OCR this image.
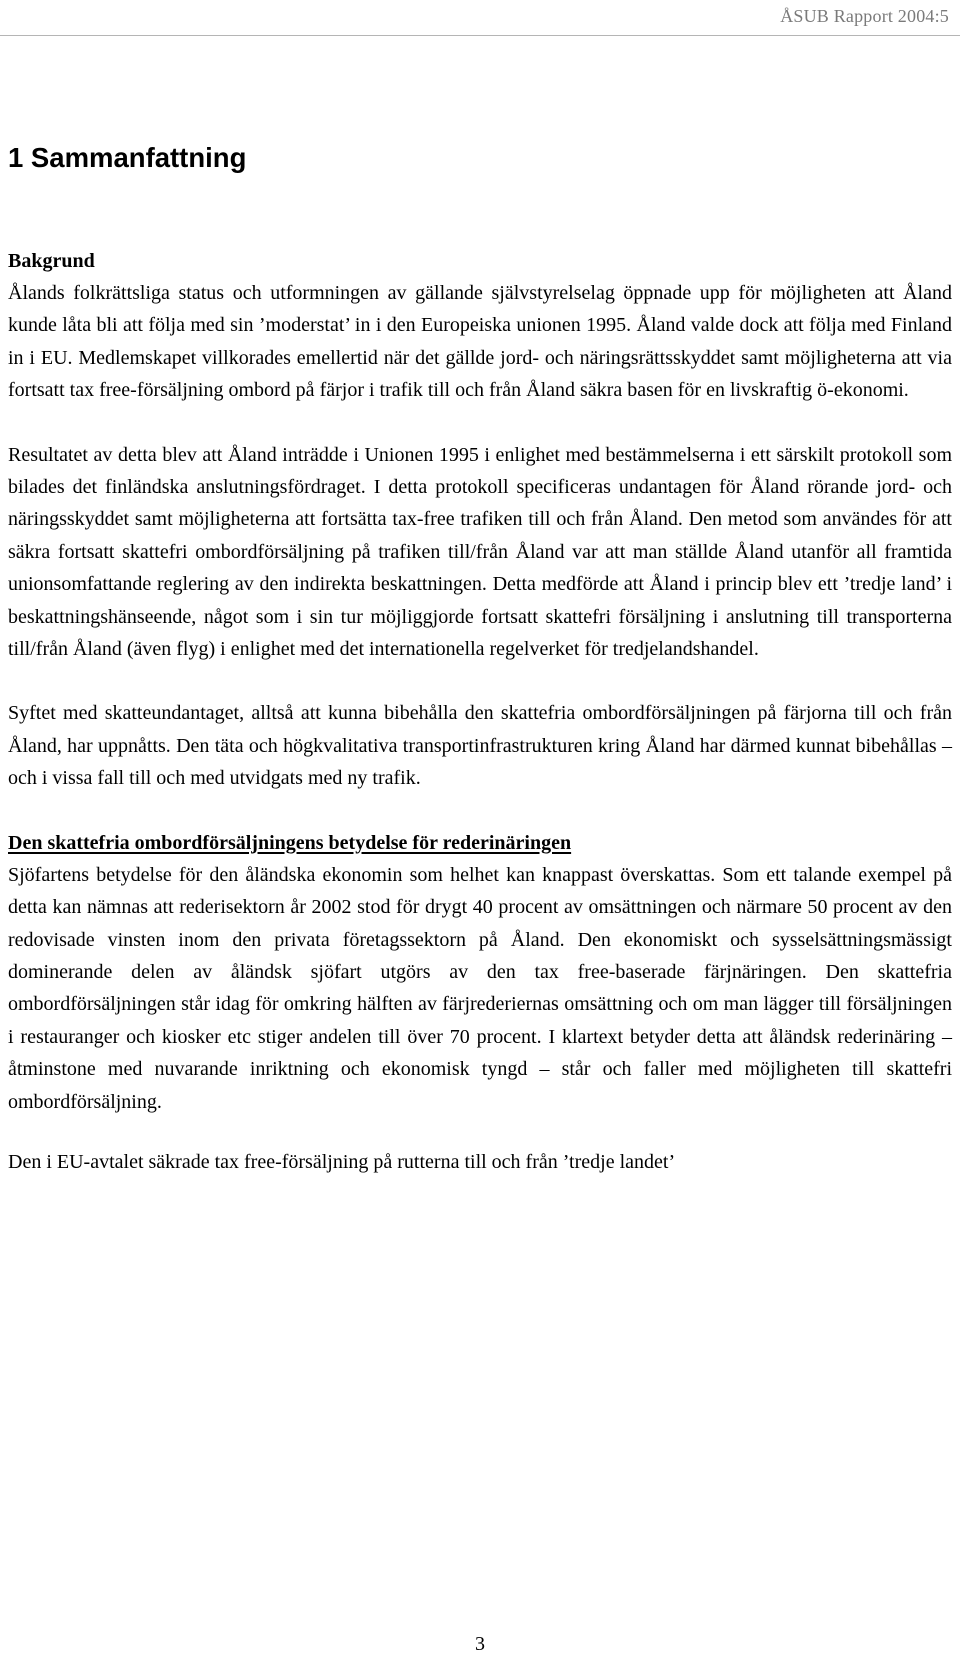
ÅSUB Rapport 2004:5
1 Sammanfattning
Bakgrund

Ålands folkrättsliga status och utformningen av gällande självstyrelselag öppnade upp för möjligheten att Åland kunde låta bli att följa med sin ’moderstat’ in i den Europeiska unionen 1995. Åland valde dock att följa med Finland in i EU. Medlemskapet villkorades emellertid när det gällde jord- och näringsrättsskyddet samt möjligheterna att via fortsatt tax free-försäljning ombord på färjor i trafik till och från Åland säkra basen för en livskraftig ö-ekonomi.

Resultatet av detta blev att Åland inträdde i Unionen 1995 i enlighet med bestämmelserna i ett särskilt protokoll som bilades det finländska anslutningsfördraget. I detta protokoll specificeras undantagen för Åland rörande jord- och näringsskyddet samt möjligheterna att fortsätta tax-free trafiken till och från Åland. Den metod som användes för att säkra fortsatt skattefri ombordförsäljning på trafiken till/från Åland var att man ställde Åland utanför all framtida unionsomfattande reglering av den indirekta beskattningen. Detta medförde att Åland i princip blev ett ’tredje land’ i beskattningshänseende, något som i sin tur möjliggjorde fortsatt skattefri försäljning i anslutning till transporterna till/från Åland (även flyg) i enlighet med det internationella regelverket för tredjelandshandel.

Syftet med skatteundantaget, alltså att kunna bibehålla den skattefria ombordförsäljningen på färjorna till och från Åland, har uppnåtts. Den täta och högkvalitativa transportinfrastrukturen kring Åland har därmed kunnat bibehållas – och i vissa fall till och med utvidgats med ny trafik.

Den skattefria ombordförsäljningens betydelse för rederinäringen

Sjöfartens betydelse för den åländska ekonomin som helhet kan knappast överskattas. Som ett talande exempel på detta kan nämnas att rederisektorn år 2002 stod för drygt 40 procent av omsättningen och närmare 50 procent av den redovisade vinsten inom den privata företagssektorn på Åland. Den ekonomiskt och sysselsättningsmässigt dominerande delen av åländsk sjöfart utgörs av den tax free-baserade färjnäringen. Den skattefria ombordförsäljningen står idag för omkring hälften av färjrederiernas omsättning och om man lägger till försäljningen i restauranger och kiosker etc stiger andelen till över 70 procent. I klartext betyder detta att åländsk rederinäring – åtminstone med nuvarande inriktning och ekonomisk tyngd – står och faller med möjligheten till skattefri ombordförsäljning.

Den i EU-avtalet säkrade tax free-försäljning på rutterna till och från ’tredje landet’

3
